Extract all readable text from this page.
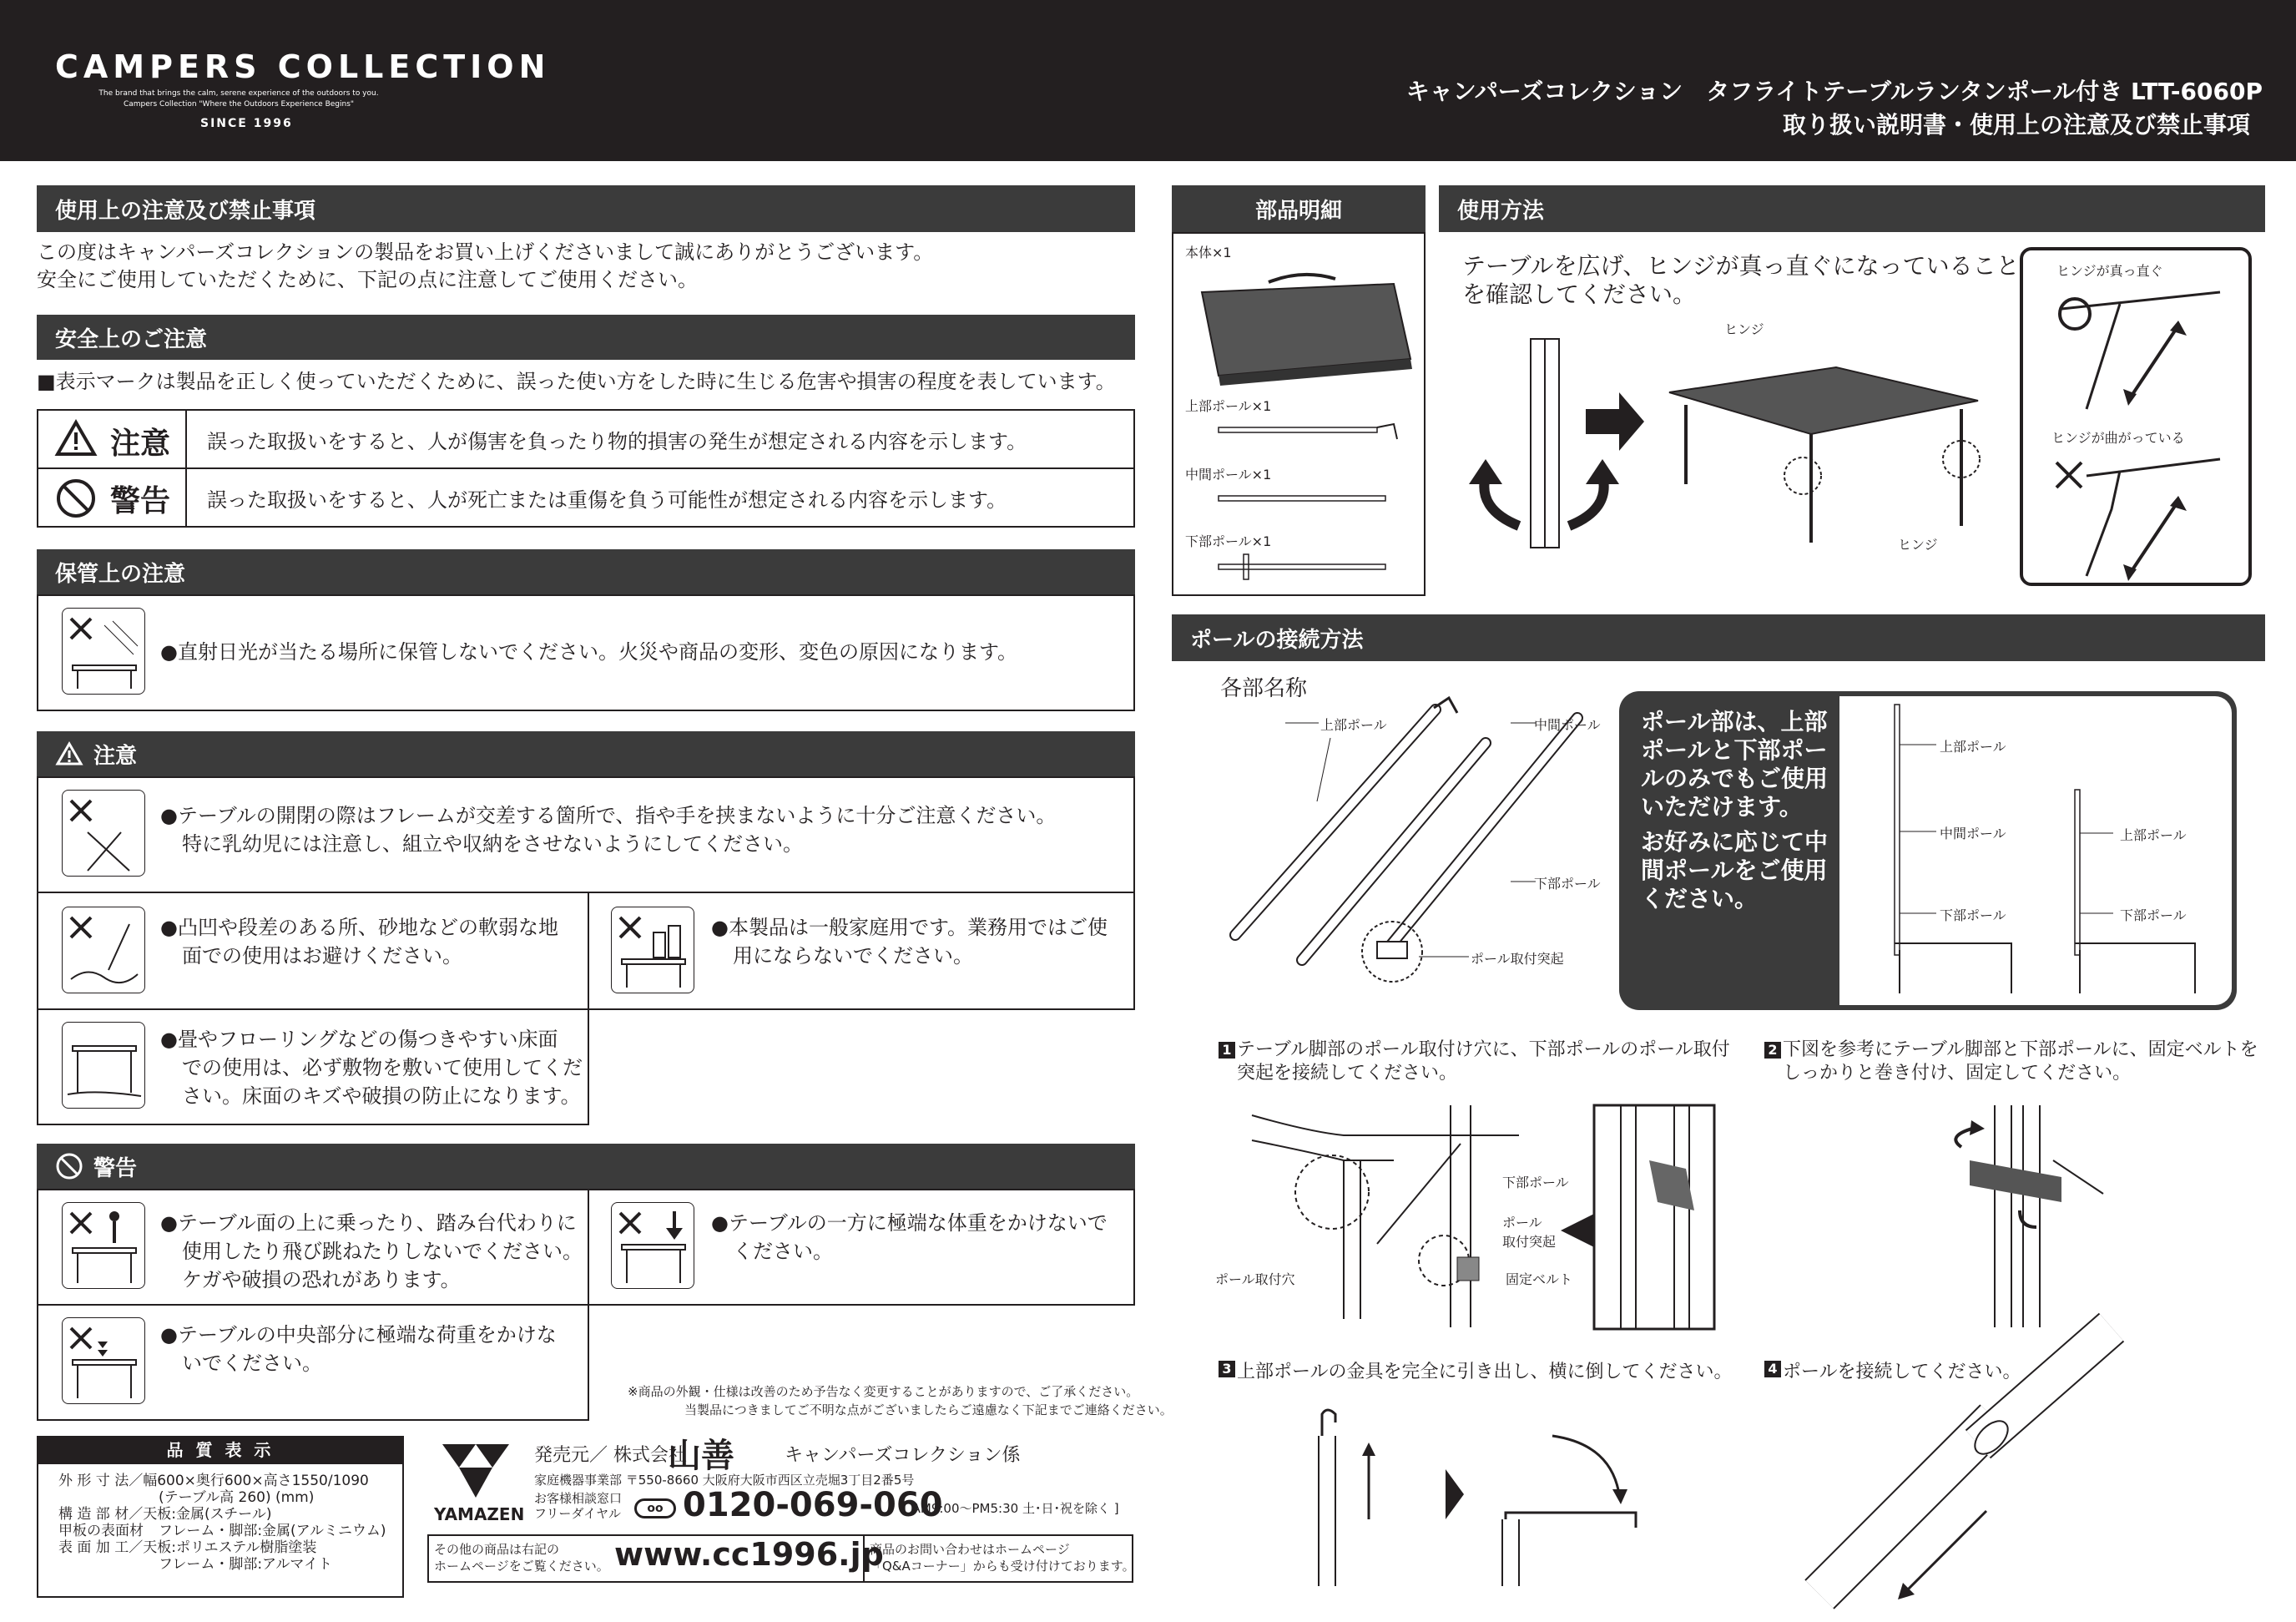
CAMPERS COLLECTION
The brand that brings the calm, serene experience of the outdoors to you.
Campers Collection "Where the Outdoors Experience Begins"
SINCE 1996
キャンパーズコレクション　タフライトテーブルランタンポール付き LTT-6060P
取り扱い説明書・使用上の注意及び禁止事項
使用上の注意及び禁止事項
この度はキャンパーズコレクションの製品をお買い上げくださいまして誠にありがとうございます。
安全にご使用していただくために、下記の点に注意してご使用ください。
安全上のご注意
■表示マークは製品を正しく使っていただくために、誤った使い方をした時に生じる危害や損害の程度を表しています。
注意 誤った取扱いをすると、人が傷害を負ったり物的損害の発生が想定される内容を示します。
警告 誤った取扱いをすると、人が死亡または重傷を負う可能性が想定される内容を示します。
保管上の注意
●直射日光が当たる場所に保管しないでください。火災や商品の変形、変色の原因になります。
注意
●テーブルの開閉の際はフレームが交差する箇所で、指や手を挟まないように十分ご注意ください。
特に乳幼児には注意し、組立や収納をさせないようにしてください。
●凸凹や段差のある所、砂地などの軟弱な地
面での使用はお避けください。
●本製品は一般家庭用です。業務用ではご使
用にならないでください。
●畳やフローリングなどの傷つきやすい床面
での使用は、必ず敷物を敷いて使用してくだ
さい。床面のキズや破損の防止になります。
警告
●テーブル面の上に乗ったり、踏み台代わりに
使用したり飛び跳ねたりしないでください。
ケガや破損の恐れがあります。
●テーブルの一方に極端な体重をかけないで
ください。
●テーブルの中央部分に極端な荷重をかけな
いでください。
※商品の外観・仕様は改善のため予告なく変更することがありますので、ご了承ください。
当製品につきましてご不明な点がございましたらご遠慮なく下記までご連絡ください。
品 質 表 示
外 形 寸 法／幅600×奥行600×高さ1550/1090
(テーブル高 260) (mm)
構 造 部 材／天板:金属(スチール)
甲板の表面材	フレーム・脚部:金属(アルミニウム)
表 面 加 工／天板:ポリエステル樹脂塗装
フレーム・脚部:アルマイト
YAMAZEN
発売元／ 株式会社
山善	キャンパーズコレクション係
家庭機器事業部 〒550-8660 大阪府大阪市西区立売堀3丁目2番5号
お客様相談窓口
フリーダイヤル	oo 0120-069-060
[ AM9:00〜PM5:30 土･日･祝を除く ]
その他の商品は右記の
ホームページをご覧ください。 www.cc1996.jp
商品のお問い合わせはホームページ
「Q&Aコーナー」からも受け付けております。
部品明細
本体×1
上部ポール×1
中間ポール×1
下部ポール×1
使用方法
テーブルを広げ、ヒンジが真っ直ぐになっていること
を確認してください。
ヒンジ
ヒンジ
ヒンジが真っ直ぐ
ヒンジが曲がっている
ポールの接続方法
各部名称
上部ポール	中間ポール
下部ポール
ポール取付突起
ポール部は、上部
ポールと下部ポー
ルのみでもご使用
いただけます。
お好みに応じて中
間ポールをご使用
ください。
上部ポール
中間ポール
下部ポール
上部ポール
下部ポール
1 テーブル脚部のポール取付け穴に、下部ポールのポール取付
突起を接続してください。
2 下図を参考にテーブル脚部と下部ポールに、固定ベルトを
しっかりと巻き付け、固定してください。
下部ポール
ポール
取付突起
固定ベルト
ポール取付穴
3 上部ポールの金具を完全に引き出し、横に倒してください。	4 ポールを接続してください。
